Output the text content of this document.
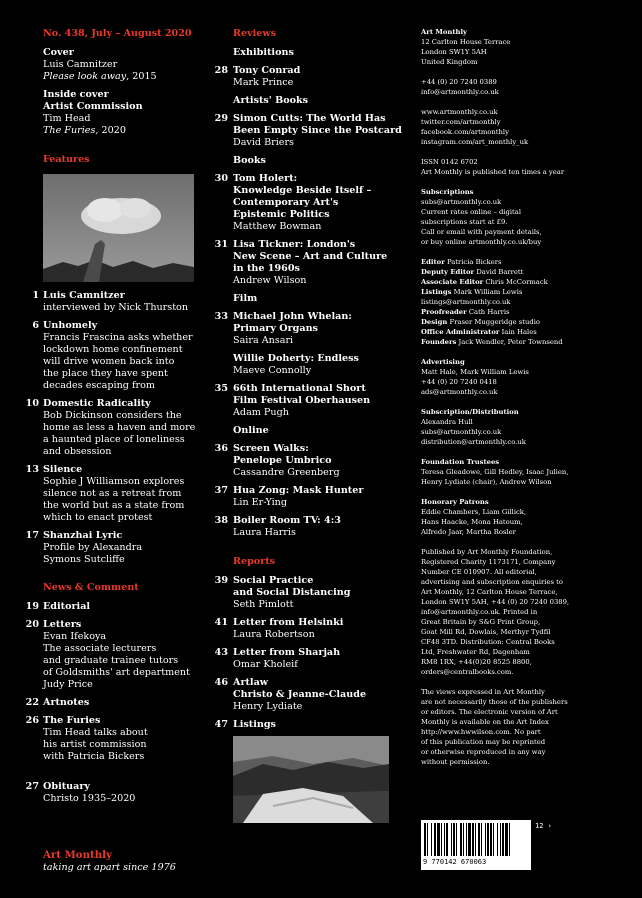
No. 438, July – August 2020
Cover
Luis Camnitzer
Please look away, 2015
Inside cover
Artist Commission
Tim Head
The Furies, 2020
Features
1 Luis Camnitzer
interviewed by Nick Thurston
6 Unhomely
Francis Frascina asks whether
lockdown home confinement
will drive women back into
the place they have spent
decades escaping from
10 Domestic Radicality
Bob Dickinson considers the
home as less a haven and more
a haunted place of loneliness
and obsession
13 Silence
Sophie J Williamson explores
silence not as a retreat from
the world but as a state from
which to enact protest
17 Shanzhai Lyric
Profile by Alexandra
Symons Sutcliffe
News & Comment
19 Editorial
20 Letters
Evan Ifekoya
The associate lecturers
and graduate trainee tutors
of Goldsmiths' art department
Judy Price
22 Artnotes
26 The Furies
Tim Head talks about
his artist commission
with Patricia Bickers
27 Obituary
Christo 1935–2020
Art Monthly
taking art apart since 1976
Reviews
Exhibitions
28 Tony Conrad
Mark Prince
Artists' Books
29 Simon Cutts: The World Has
Been Empty Since the Postcard
David Briers
Books
30 Tom Holert:
Knowledge Beside Itself –
Contemporary Art's
Epistemic Politics
Matthew Bowman
31 Lisa Tickner: London's
New Scene – Art and Culture
in the 1960s
Andrew Wilson
Film
33 Michael John Whelan:
Primary Organs
Saira Ansari
Willie Doherty: Endless
Maeve Connolly
35 66th International Short
Film Festival Oberhausen
Adam Pugh
Online
36 Screen Walks:
Penelope Umbrico
Cassandre Greenberg
37 Hua Zong: Mask Hunter
Lin Er-Ying
38 Boiler Room TV: 4:3
Laura Harris
Reports
39 Social Practice
and Social Distancing
Seth Pimlott
41 Letter from Helsinki
Laura Robertson
43 Letter from Sharjah
Omar Kholeif
46 Artlaw
Christo & Jeanne-Claude
Henry Lydiate
47 Listings
Art Monthly
12 Carlton House Terrace
London SW1Y 5AH
United Kingdom
+44 (0) 20 7240 0389
info@artmonthly.co.uk
www.artmonthly.co.uk
twitter.com/artmonthly
facebook.com/artmonthly
instagram.com/art_monthly_uk
ISSN 0142 6702
Art Monthly is published ten times a year
Subscriptions
subs@artmonthly.co.uk
Current rates online – digital
subscriptions start at £9.
Call or email with payment details,
or buy online artmonthly.co.uk/buy
Editor Patricia Bickers
Deputy Editor David Barrett
Associate Editor Chris McCormack
Listings Mark William Lewis
listings@artmonthly.co.uk
Proofreader Cath Harris
Design Fraser Muggeridge studio
Office Administrator Iain Hales
Founders Jack Wendler, Peter Townsend
Advertising
Matt Hale, Mark William Lewis
+44 (0) 20 7240 0418
ads@artmonthly.co.uk
Subscription/Distribution
Alexandra Hull
subs@artmonthly.co.uk
distribution@artmonthly.co.uk
Foundation Trustees
Teresa Gleadowe, Gill Hedley, Isaac Julien,
Henry Lydiate (chair), Andrew Wilson
Honorary Patrons
Eddie Chambers, Liam Gillick,
Hans Haacke, Mona Hatoum,
Alfredo Jaar, Martha Rosler
Published by Art Monthly Foundation,
Registered Charity 1173171, Company
Number CE 010907. All editorial,
advertising and subscription enquiries to
Art Monthly, 12 Carlton House Terrace,
London SW1Y 5AH, +44 (0) 20 7240 0389,
info@artmonthly.co.uk. Printed in
Great Britain by S&G Print Group,
Goat Mill Rd, Dowlais, Merthyr Tydfil
CF48 3TD. Distribution: Central Books
Ltd, Freshwater Rd, Dagenham
RM8 1RX, +44(0)20 8525 8800,
orders@centralbooks.com.
The views expressed in Art Monthly
are not necessarily those of the publishers
or editors. The electronic version of Art
Monthly is available on the Art Index
http://www.hwwilson.com. No part
of this publication may be reprinted
or otherwise reproduced in any way
without permission.
9 770142 670063
12 ›
